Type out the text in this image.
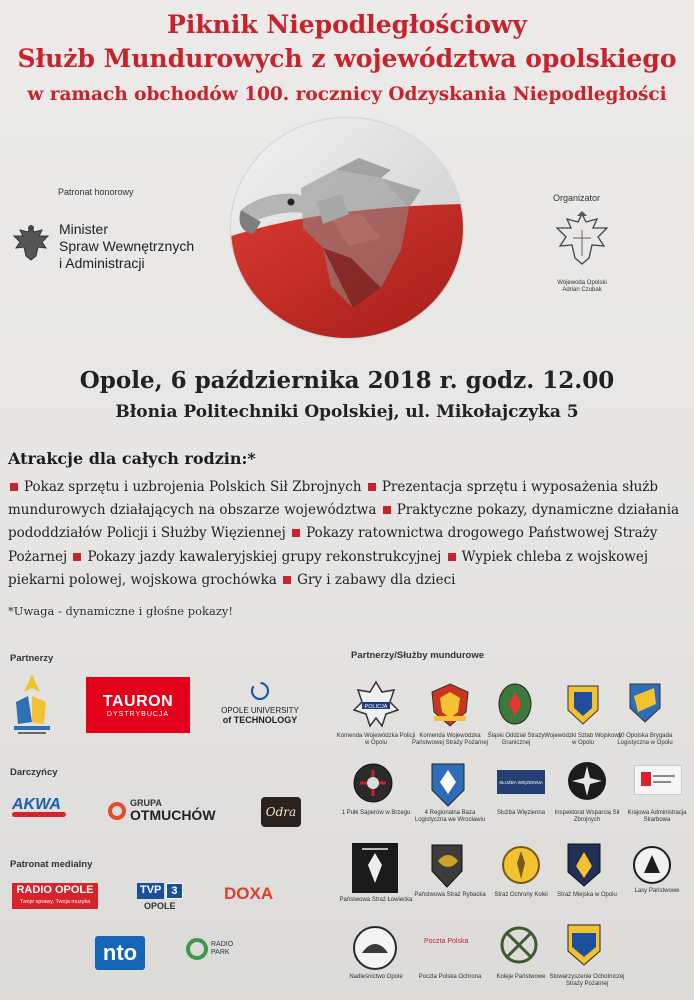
Piknik Niepodległościowy
Służb Mundurowych z województwa opolskiego
w ramach obchodów 100. rocznicy Odzyskania Niepodległości
Patronat honorowy
Minister
Spraw Wewnętrznych
i Administracji
Organizator
Wojewoda Opolski
Adrian Czubak
Opole, 6 października 2018 r. godz. 12.00
Błonia Politechniki Opolskiej, ul. Mikołajczyka 5
Atrakcje dla całych rodzin:*
Pokaz sprzętu i uzbrojenia Polskich Sił Zbrojnych Prezentacja sprzętu i wyposażenia służb mundurowych działających na obszarze województwa Praktyczne pokazy, dynamiczne działania pododdziałów Policji i Służby Więziennej Pokazy ratownictwa drogowego Państwowej Straży Pożarnej Pokazy jazdy kawaleryjskiej grupy rekonstrukcyjnej Wypiek chleba z wojskowej piekarni polowej, wojskowa grochówka Gry i zabawy dla dzieci
*Uwaga - dynamiczne i głośne pokazy!
Partnerzy
Darczyńcy
Patronat medialny
Partnerzy/Służby mundurowe
TAURON
DYSTRYBUCJA	OPOLE UNIVERSITY
of TECHNOLOGY
AKWA	GRUPA
OTMUCHÓW	Odra
RADIO OPOLE
Twoje sprawy, Twoja muzyka
TVP 3
OPOLE
DOXA
nto	RADIO PARK
POLICJA
Komenda Wojewódzka Policji w Opolu
Komenda Wojewódzka Państwowej Straży Pożarnej
Śląski Oddział Straży Granicznej
Wojewódzki Sztab Wojskowy w Opolu
10 Opolska Brygada Logistyczna w Opolu
SŁUŻBA WIĘZIENNA
1 Pułk Saperów w Brzegu	4 Regionalna Baza Logistyczna we Wrocławiu
Służba Więzienna	Inspektorat Wsparcia Sił Zbrojnych
Krajowa Administracja Skarbowa
Państwowa Straż Łowiecka
Państwowa Straż Rybacka	Straż Ochrony Kolei	Straż Miejska w Opolu
Lasy Państwowe
Poczta Polska
Nadleśnictwo Opole	Poczta Polska Ochrona	Koleje Państwowe Stowarzyszenie Ochotniczej Straży Pożarnej
